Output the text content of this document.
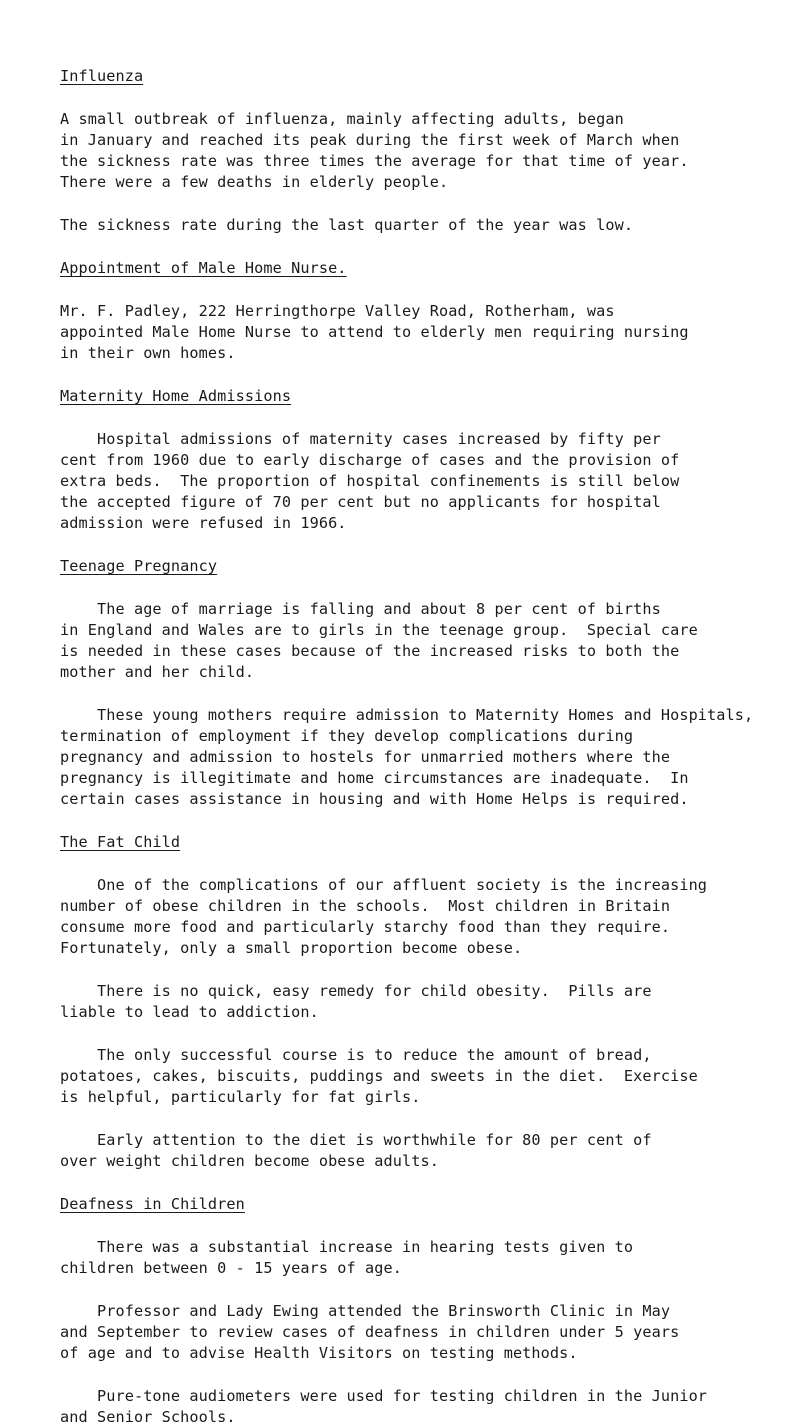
Influenza

A small outbreak of influenza, mainly affecting adults, began
in January and reached its peak during the first week of March when
the sickness rate was three times the average for that time of year.
There were a few deaths in elderly people.

The sickness rate during the last quarter of the year was low.

Appointment of Male Home Nurse.

Mr. F. Padley, 222 Herringthorpe Valley Road, Rotherham, was
appointed Male Home Nurse to attend to elderly men requiring nursing
in their own homes.

Maternity Home Admissions

Hospital admissions of maternity cases increased by fifty per
cent from 1960 due to early discharge of cases and the provision of
extra beds.  The proportion of hospital confinements is still below
the accepted figure of 70 per cent but no applicants for hospital
admission were refused in 1966.

Teenage Pregnancy

The age of marriage is falling and about 8 per cent of births
in England and Wales are to girls in the teenage group.  Special care
is needed in these cases because of the increased risks to both the
mother and her child.

These young mothers require admission to Maternity Homes and Hospitals,
termination of employment if they develop complications during
pregnancy and admission to hostels for unmarried mothers where the
pregnancy is illegitimate and home circumstances are inadequate.  In
certain cases assistance in housing and with Home Helps is required.

The Fat Child

One of the complications of our affluent society is the increasing
number of obese children in the schools.  Most children in Britain
consume more food and particularly starchy food than they require.
Fortunately, only a small proportion become obese.

There is no quick, easy remedy for child obesity.  Pills are
liable to lead to addiction.

The only successful course is to reduce the amount of bread,
potatoes, cakes, biscuits, puddings and sweets in the diet.  Exercise
is helpful, particularly for fat girls.

Early attention to the diet is worthwhile for 80 per cent of
over weight children become obese adults.

Deafness in Children

There was a substantial increase in hearing tests given to
children between 0 - 15 years of age.

Professor and Lady Ewing attended the Brinsworth Clinic in May
and September to review cases of deafness in children under 5 years
of age and to advise Health Visitors on testing methods.

Pure-tone audiometers were used for testing children in the Junior
and Senior Schools.
